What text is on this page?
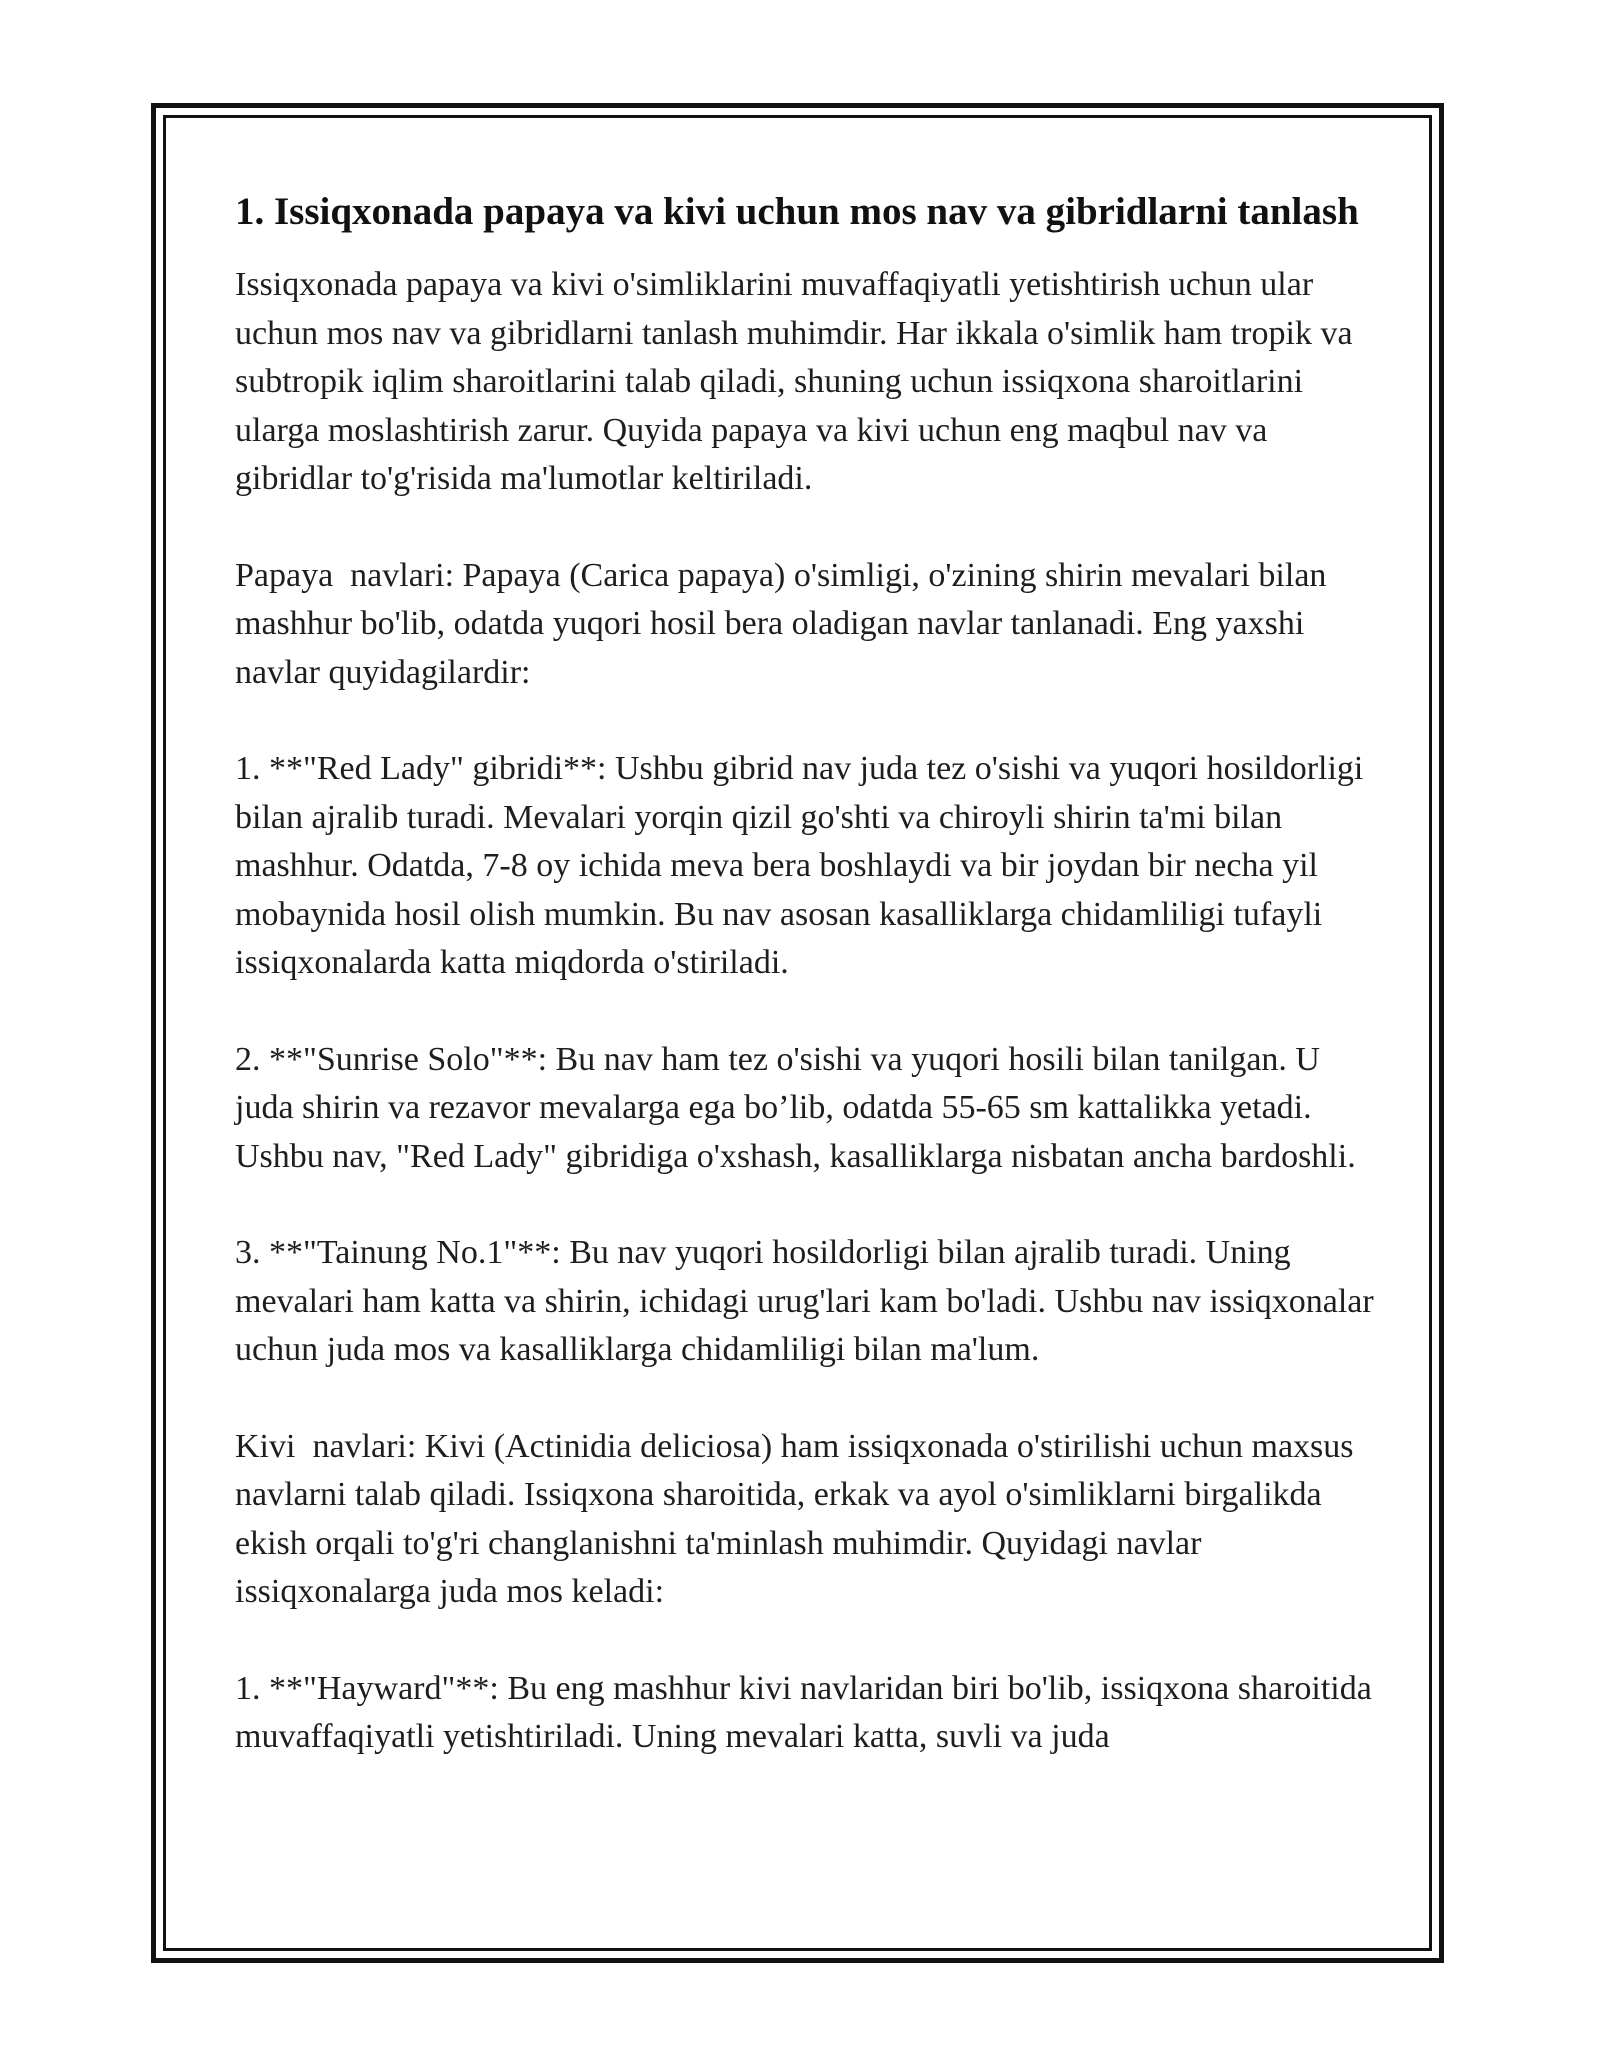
1. Issiqxonada papaya va kivi uchun mos nav va gibridlarni tanlash

Issiqxonada papaya va kivi o'simliklarini muvaffaqiyatli yetishtirish uchun ular uchun mos nav va gibridlarni tanlash muhimdir. Har ikkala o'simlik ham tropik va subtropik iqlim sharoitlarini talab qiladi, shuning uchun issiqxona sharoitlarini ularga moslashtirish zarur. Quyida papaya va kivi uchun eng maqbul nav va gibridlar to'g'risida ma'lumotlar keltiriladi.

Papaya  navlari: Papaya (Carica papaya) o'simligi, o'zining shirin mevalari bilan mashhur bo'lib, odatda yuqori hosil bera oladigan navlar tanlanadi. Eng yaxshi navlar quyidagilardir:

1. **"Red Lady" gibridi**: Ushbu gibrid nav juda tez o'sishi va yuqori hosildorligi bilan ajralib turadi. Mevalari yorqin qizil go'shti va chiroyli shirin ta'mi bilan mashhur. Odatda, 7-8 oy ichida meva bera boshlaydi va bir joydan bir necha yil mobaynida hosil olish mumkin. Bu nav asosan kasalliklarga chidamliligi tufayli issiqxonalarda katta miqdorda o'stiriladi.

2. **"Sunrise Solo"**: Bu nav ham tez o'sishi va yuqori hosili bilan tanilgan. U juda shirin va rezavor mevalarga ega bo’lib, odatda 55-65 sm kattalikka yetadi. Ushbu nav, "Red Lady" gibridiga o'xshash, kasalliklarga nisbatan ancha bardoshli.

3. **"Tainung No.1"**: Bu nav yuqori hosildorligi bilan ajralib turadi. Uning mevalari ham katta va shirin, ichidagi urug'lari kam bo'ladi. Ushbu nav issiqxonalar uchun juda mos va kasalliklarga chidamliligi bilan ma'lum.

Kivi  navlari: Kivi (Actinidia deliciosa) ham issiqxonada o'stirilishi uchun maxsus navlarni talab qiladi. Issiqxona sharoitida, erkak va ayol o'simliklarni birgalikda ekish orqali to'g'ri changlanishni ta'minlash muhimdir. Quyidagi navlar issiqxonalarga juda mos keladi:

1. **"Hayward"**: Bu eng mashhur kivi navlaridan biri bo'lib, issiqxona sharoitida muvaffaqiyatli yetishtiriladi. Uning mevalari katta, suvli va juda
